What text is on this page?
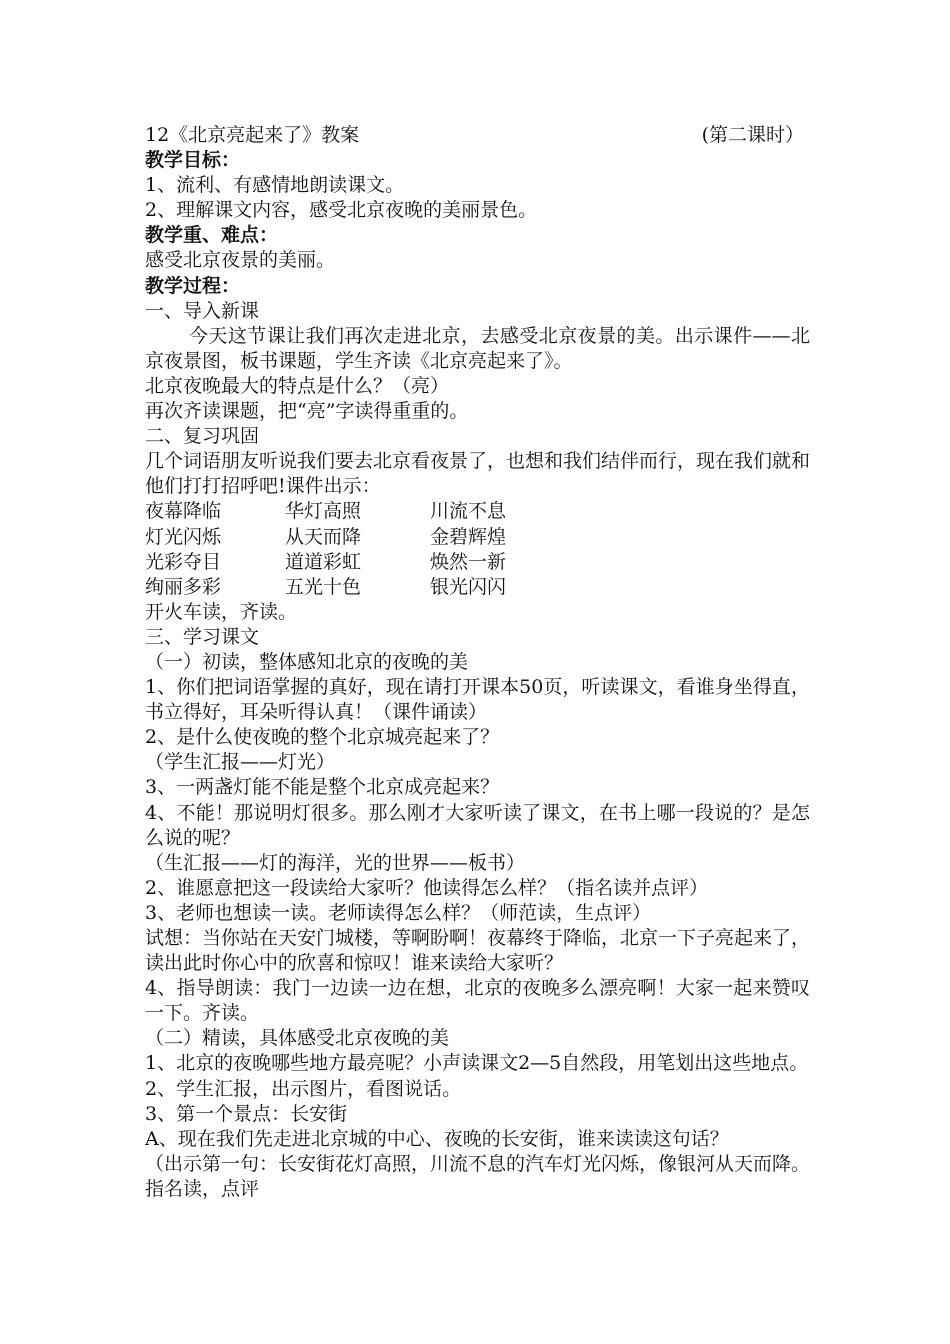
12《北京亮起来了》教案	(第二课时）
教学目标：
1、流利、有感情地朗读课文。
2、理解课文内容，感受北京夜晚的美丽景色。
教学重、难点：
感受北京夜景的美丽。
教学过程：
一、导入新课
今天这节课让我们再次走进北京，去感受北京夜景的美。出示课件——北京夜景图，板书课题，学生齐读《北京亮起来了》。
北京夜晚最大的特点是什么？（亮）
再次齐读课题，把“亮”字读得重重的。
二、复习巩固
几个词语朋友听说我们要去北京看夜景了，也想和我们结伴而行，现在我们就和他们打打招呼吧!课件出示：
夜幕降临	华灯高照	川流不息
灯光闪烁	从天而降	金碧辉煌
光彩夺目	道道彩虹	焕然一新
绚丽多彩	五光十色	银光闪闪
开火车读，齐读。
三、学习课文
（一）初读，整体感知北京的夜晚的美
1、你们把词语掌握的真好，现在请打开课本50页，听读课文，看谁身坐得直，书立得好，耳朵听得认真！（课件诵读）
2、是什么使夜晚的整个北京城亮起来了？
（学生汇报——灯光）
3、一两盏灯能不能是整个北京成亮起来？
4、不能！那说明灯很多。那么刚才大家听读了课文，在书上哪一段说的？是怎么说的呢？
（生汇报——灯的海洋，光的世界——板书）
2、谁愿意把这一段读给大家听？他读得怎么样？（指名读并点评）
3、老师也想读一读。老师读得怎么样？（师范读，生点评）
试想：当你站在天安门城楼，等啊盼啊！夜幕终于降临，北京一下子亮起来了，读出此时你心中的欣喜和惊叹！谁来读给大家听？
4、指导朗读：我门一边读一边在想，北京的夜晚多么漂亮啊！大家一起来赞叹一下。齐读。
（二）精读，具体感受北京夜晚的美
1、北京的夜晚哪些地方最亮呢？小声读课文2—5自然段，用笔划出这些地点。
2、学生汇报，出示图片，看图说话。
3、第一个景点：长安街
A、现在我们先走进北京城的中心、夜晚的长安街，谁来读读这句话？
（出示第一句：长安街花灯高照，川流不息的汽车灯光闪烁，像银河从天而降。指名读，点评
